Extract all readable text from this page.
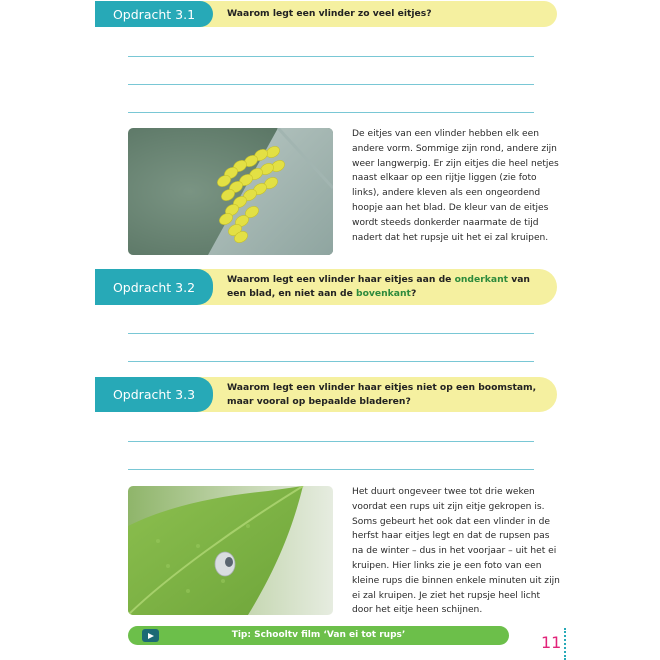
Opdracht 3.1	Waarom legt een vlinder zo veel eitjes?
De eitjes van een vlinder hebben elk een andere vorm. Sommige zijn rond, andere zijn weer langwerpig. Er zijn eitjes die heel netjes naast elkaar op een rijtje liggen (zie foto links), andere kleven als een ongeordend hoopje aan het blad. De kleur van de eitjes wordt steeds donkerder naarmate de tijd nadert dat het rupsje uit het ei zal kruipen.
Opdracht 3.2	Waarom legt een vlinder haar eitjes aan de onderkant van een blad, en niet aan de bovenkant?
Opdracht 3.3	Waarom legt een vlinder haar eitjes niet op een boomstam, maar vooral op bepaalde bladeren?
Het duurt ongeveer twee tot drie weken voordat een rups uit zijn eitje gekropen is. Soms gebeurt het ook dat een vlinder in de herfst haar eitjes legt en dat de rupsen pas na de winter – dus in het voorjaar – uit het ei kruipen. Hier links zie je een foto van een kleine rups die binnen enkele minuten uit zijn ei zal kruipen. Je ziet het rupsje heel licht door het eitje heen schijnen.
Tip: Schooltv film ‘Van ei tot rups’	11
